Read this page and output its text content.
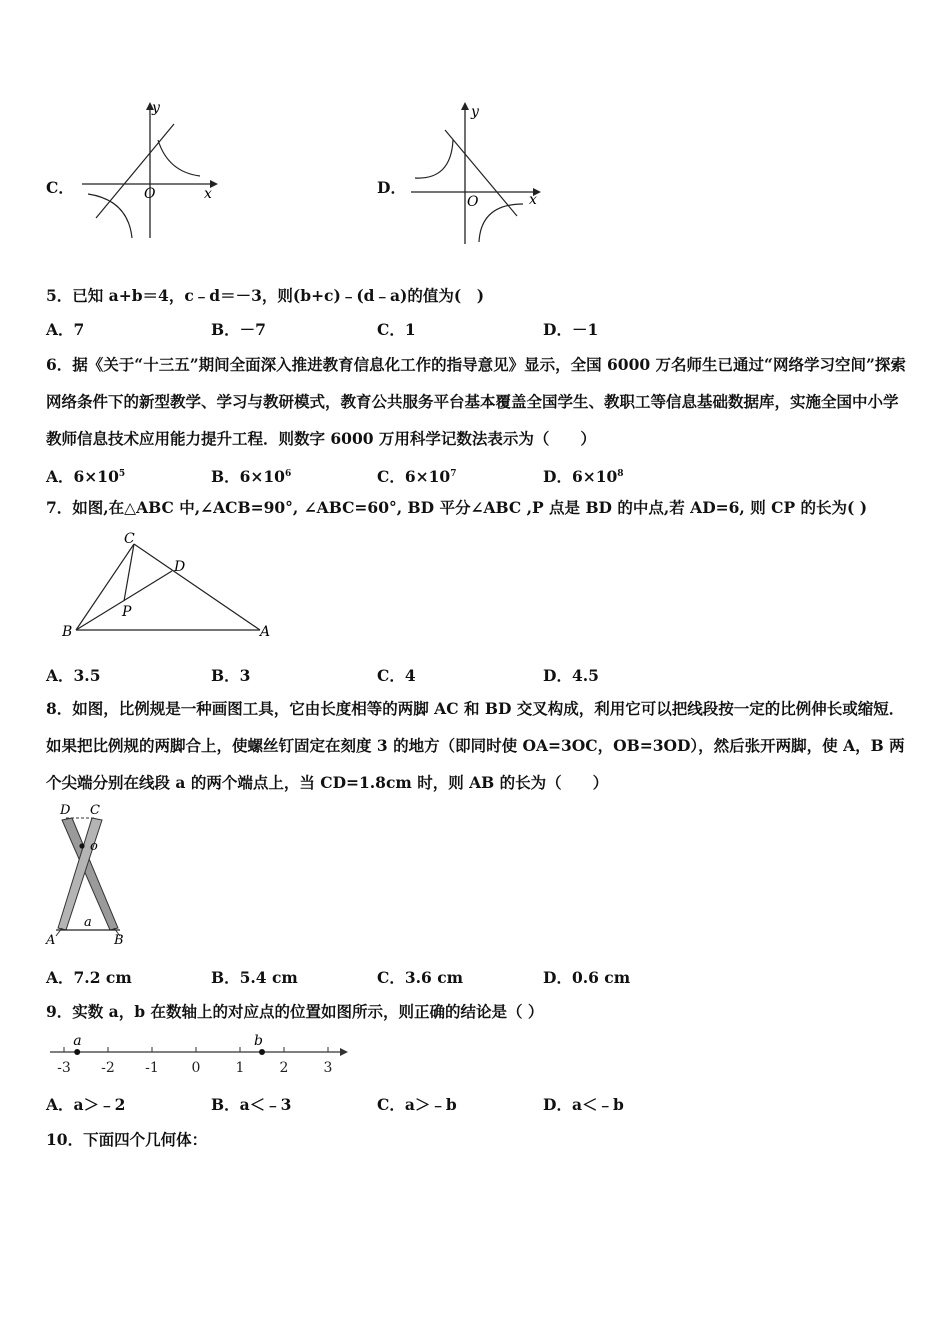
C．
y
x
O	D．
y
x
O
5．已知 a+b＝4，c﹣d＝－3，则(b+c)﹣(d﹣a)的值为(　)
A．7	B．－7	C．1	D．－1
6．据《关于“十三五”期间全面深入推进教育信息化工作的指导意见》显示，全国 6000 万名师生已通过“网络学习空间”探索网络条件下的新型教学、学习与教研模式，教育公共服务平台基本覆盖全国学生、教职工等信息基础数据库，实施全国中小学教师信息技术应用能力提升工程．则数字 6000 万用科学记数法表示为（　　）
A．$6\times 10^5$	B．$6\times 10^6$	C．$6\times 10^7$	D．$6\times 10^8$
7．如图,在△ABC 中,∠ACB=90°, ∠ABC=60°, BD 平分∠ABC ,P 点是 BD 的中点,若 AD=6, 则 CP 的长为( )
C
D
P
B	A
A．3.5	B．3	C．4	D．4.5
8．如图，比例规是一种画图工具，它由长度相等的两脚 AC 和 BD 交叉构成，利用它可以把线段按一定的比例伸长或缩短．如果把比例规的两脚合上，使螺丝钉固定在刻度 3 的地方（即同时使 OA=3OC，OB=3OD），然后张开两脚，使 A，B 两个尖端分别在线段 a 的两个端点上，当 CD=1.8cm 时，则 AB 的长为（　　）
D C
o
a
A	B
A．7.2 cm	B．5.4 cm	C．3.6 cm	D．0.6 cm
9．实数 a，b 在数轴上的对应点的位置如图所示，则正确的结论是（ ）
-3 -2 -1 0	1	2	3
a	b
A．a＞﹣2	B．a＜﹣3	C．a＞﹣b	D．a＜﹣b
10．下面四个几何体：
